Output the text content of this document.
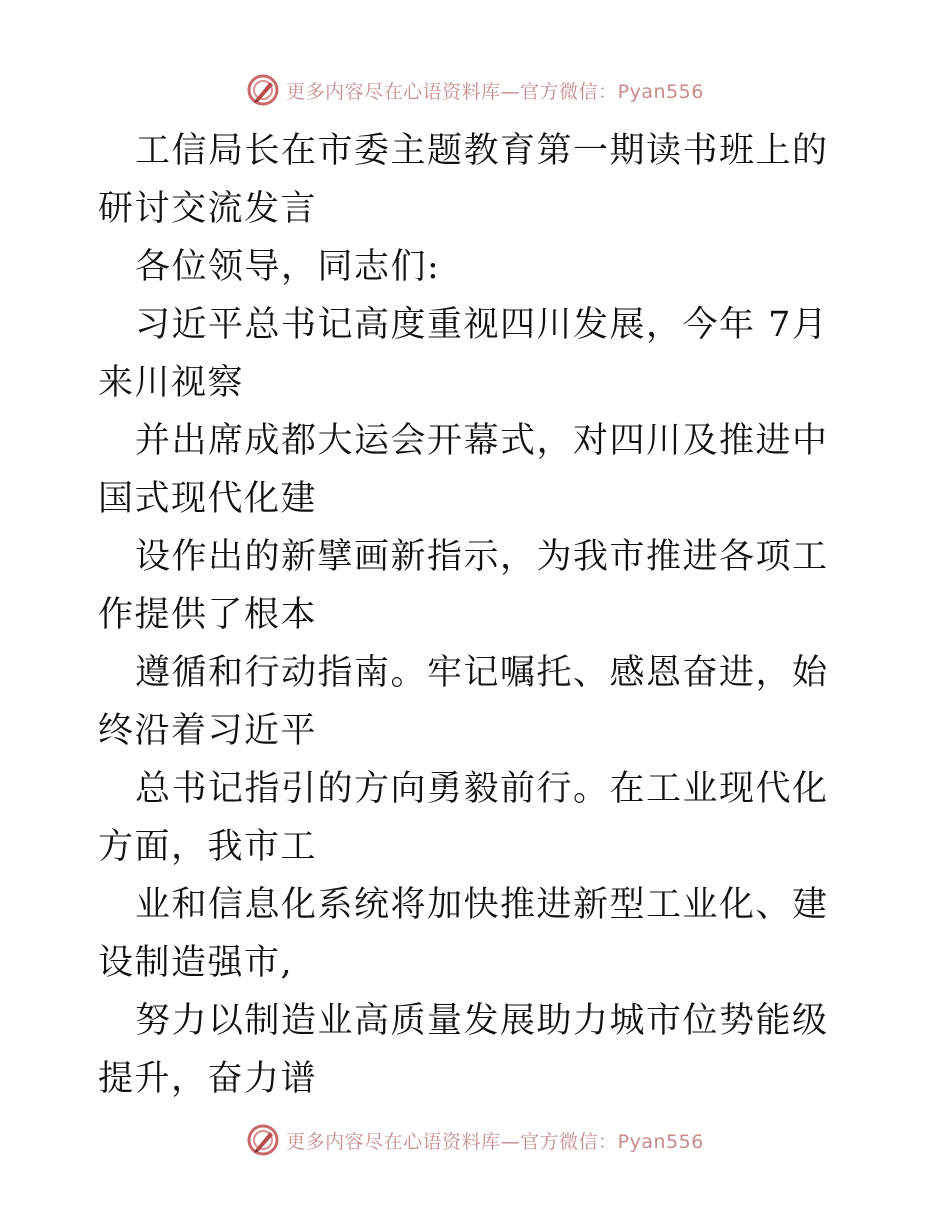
更多内容尽在心语资料库—官方微信：Pyan556

工信局长在市委主题教育第一期读书班上的研讨交流发言

各位领导，同志们:

习近平总书记高度重视四川发展，今年 7月来川视察

并出席成都大运会开幕式，对四川及推进中国式现代化建

设作出的新擘画新指示，为我市推进各项工作提供了根本

遵循和行动指南。牢记嘱托、感恩奋进，始终沿着习近平

总书记指引的方向勇毅前行。在工业现代化方面，我市工

业和信息化系统将加快推进新型工业化、建设制造强市,

努力以制造业高质量发展助力城市位势能级提升，奋力谱

更多内容尽在心语资料库—官方微信：Pyan556
